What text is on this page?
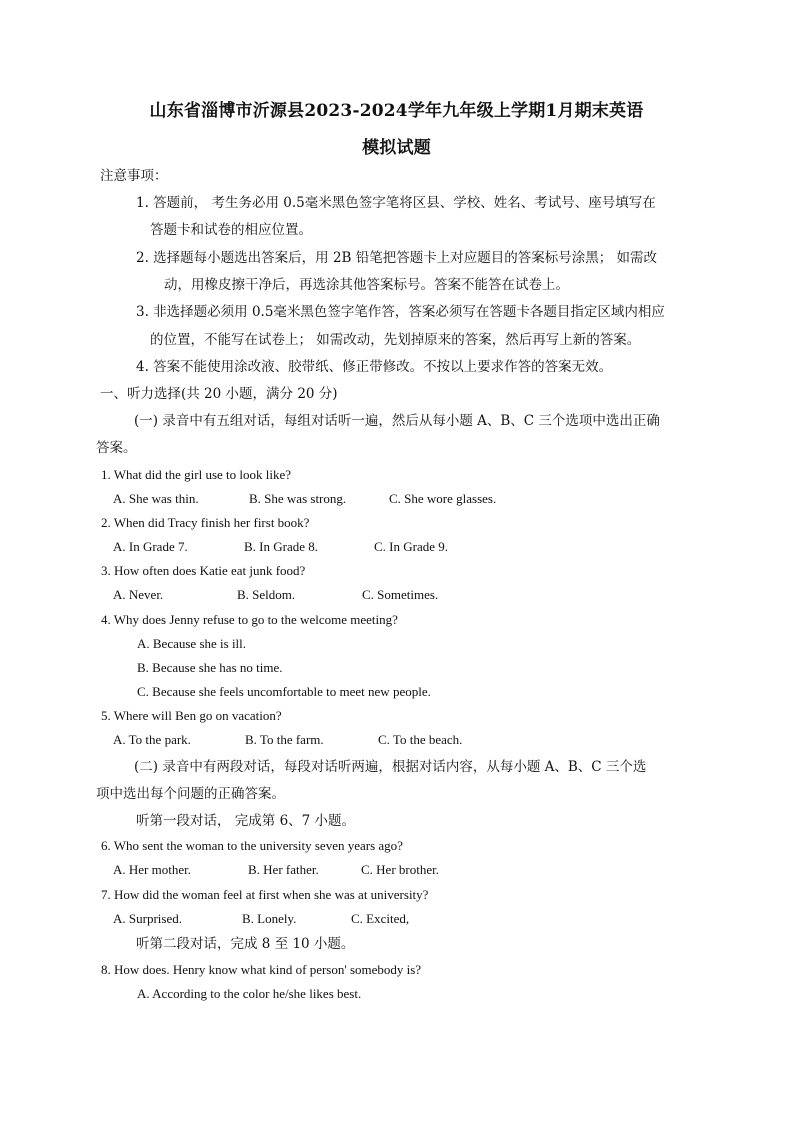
山东省淄博市沂源县2023-2024学年九年级上学期1月期末英语
模拟试题
注意事项：
1. 答题前， 考生务必用 0.5毫米黑色签字笔将区县、学校、姓名、考试号、座号填写在
答题卡和试卷的相应位置。
2. 选择题每小题选出答案后，用 2B 铅笔把答题卡上对应题目的答案标号涂黑； 如需改
动，用橡皮擦干净后，再选涂其他答案标号。答案不能答在试卷上。
3. 非选择题必须用 0.5毫米黑色签字笔作答，答案必须写在答题卡各题目指定区域内相应
的位置，不能写在试卷上； 如需改动，先划掉原来的答案，然后再写上新的答案。
4. 答案不能使用涂改液、胶带纸、修正带修改。不按以上要求作答的答案无效。
一、听力选择(共 20 小题，满分 20 分)
(一) 录音中有五组对话，每组对话听一遍，然后从每小题 A、B、C 三个选项中选出正确
答案。
1. What did the girl use to look like?
A. She was thin.	B. She was strong.	C. She wore glasses.
2. When did Tracy finish her first book?
A. In Grade 7.	B. In Grade 8.	C. In Grade 9.
3. How often does Katie eat junk food?
A. Never.	B. Seldom.	C. Sometimes.
4. Why does Jenny refuse to go to the welcome meeting?
A. Because she is ill.
B. Because she has no time.
C. Because she feels uncomfortable to meet new people.
5. Where will Ben go on vacation?
A. To the park.	B. To the farm.	C. To the beach.
(二) 录音中有两段对话，每段对话听两遍，根据对话内容，从每小题 A、B、C 三个选
项中选出每个问题的正确答案。
听第一段对话， 完成第 6、7 小题。
6. Who sent the woman to the university seven years ago?
A. Her mother.	B. Her father.	C. Her brother.
7. How did the woman feel at first when she was at university?
A. Surprised.	B. Lonely.	C. Excited,
听第二段对话，完成 8 至 10 小题。
8. How does. Henry know what kind of person' somebody is?
A. According to the color he/she likes best.
